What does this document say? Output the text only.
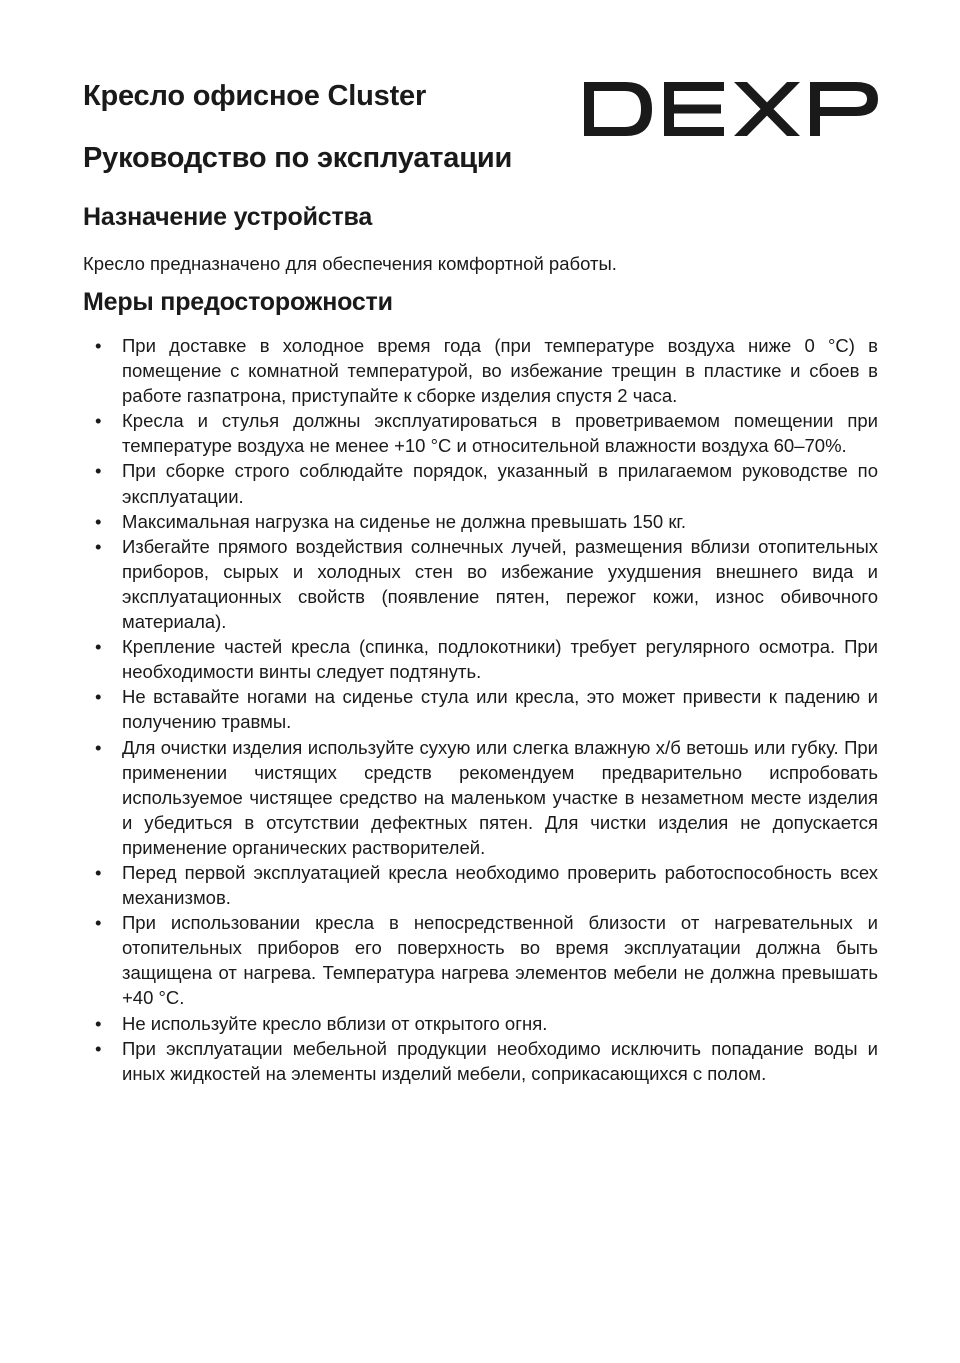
Кресло офисное Cluster
Руководство по эксплуатации
Назначение устройства

Кресло предназначено для обеспечения комфортной работы.

Меры предосторожности
• При доставке в холодное время года (при температуре воздуха ниже 0 °C) в помещение с комнатной температурой, во избежание трещин в пластике и сбоев в работе газпатрона, приступайте к сборке изделия спустя 2 часа.
• Кресла и стулья должны эксплуатироваться в проветриваемом помещении при температуре воздуха не менее +10 °C и относительной влажности воздуха 60–70%.
• При сборке строго соблюдайте порядок, указанный в прилагаемом руководстве по эксплуатации.
• Максимальная нагрузка на сиденье не должна превышать 150 кг.
• Избегайте прямого воздействия солнечных лучей, размещения вблизи отопительных приборов, сырых и холодных стен во избежание ухудшения внешнего вида и эксплуатационных свойств (появление пятен, пережог кожи, износ обивочного материала).
• Крепление частей кресла (спинка, подлокотники) требует регулярного осмотра. При необходимости винты следует подтянуть.
• Не вставайте ногами на сиденье стула или кресла, это может привести к падению и получению травмы.
• Для очистки изделия используйте сухую или слегка влажную х/б ветошь или губку. При применении чистящих средств рекомендуем предварительно испробовать используемое чистящее средство на маленьком участке в незаметном месте изделия и убедиться в отсутствии дефектных пятен. Для чистки изделия не допускается применение органических растворителей.
• Перед первой эксплуатацией кресла необходимо проверить работоспособность всех механизмов.
• При использовании кресла в непосредственной близости от нагревательных и отопительных приборов его поверхность во время эксплуатации должна быть защищена от нагрева. Температура нагрева элементов мебели не должна превышать +40 °C.
• Не используйте кресло вблизи от открытого огня.
• При эксплуатации мебельной продукции необходимо исключить попадание воды и иных жидкостей на элементы изделий мебели, соприкасающихся с полом.
